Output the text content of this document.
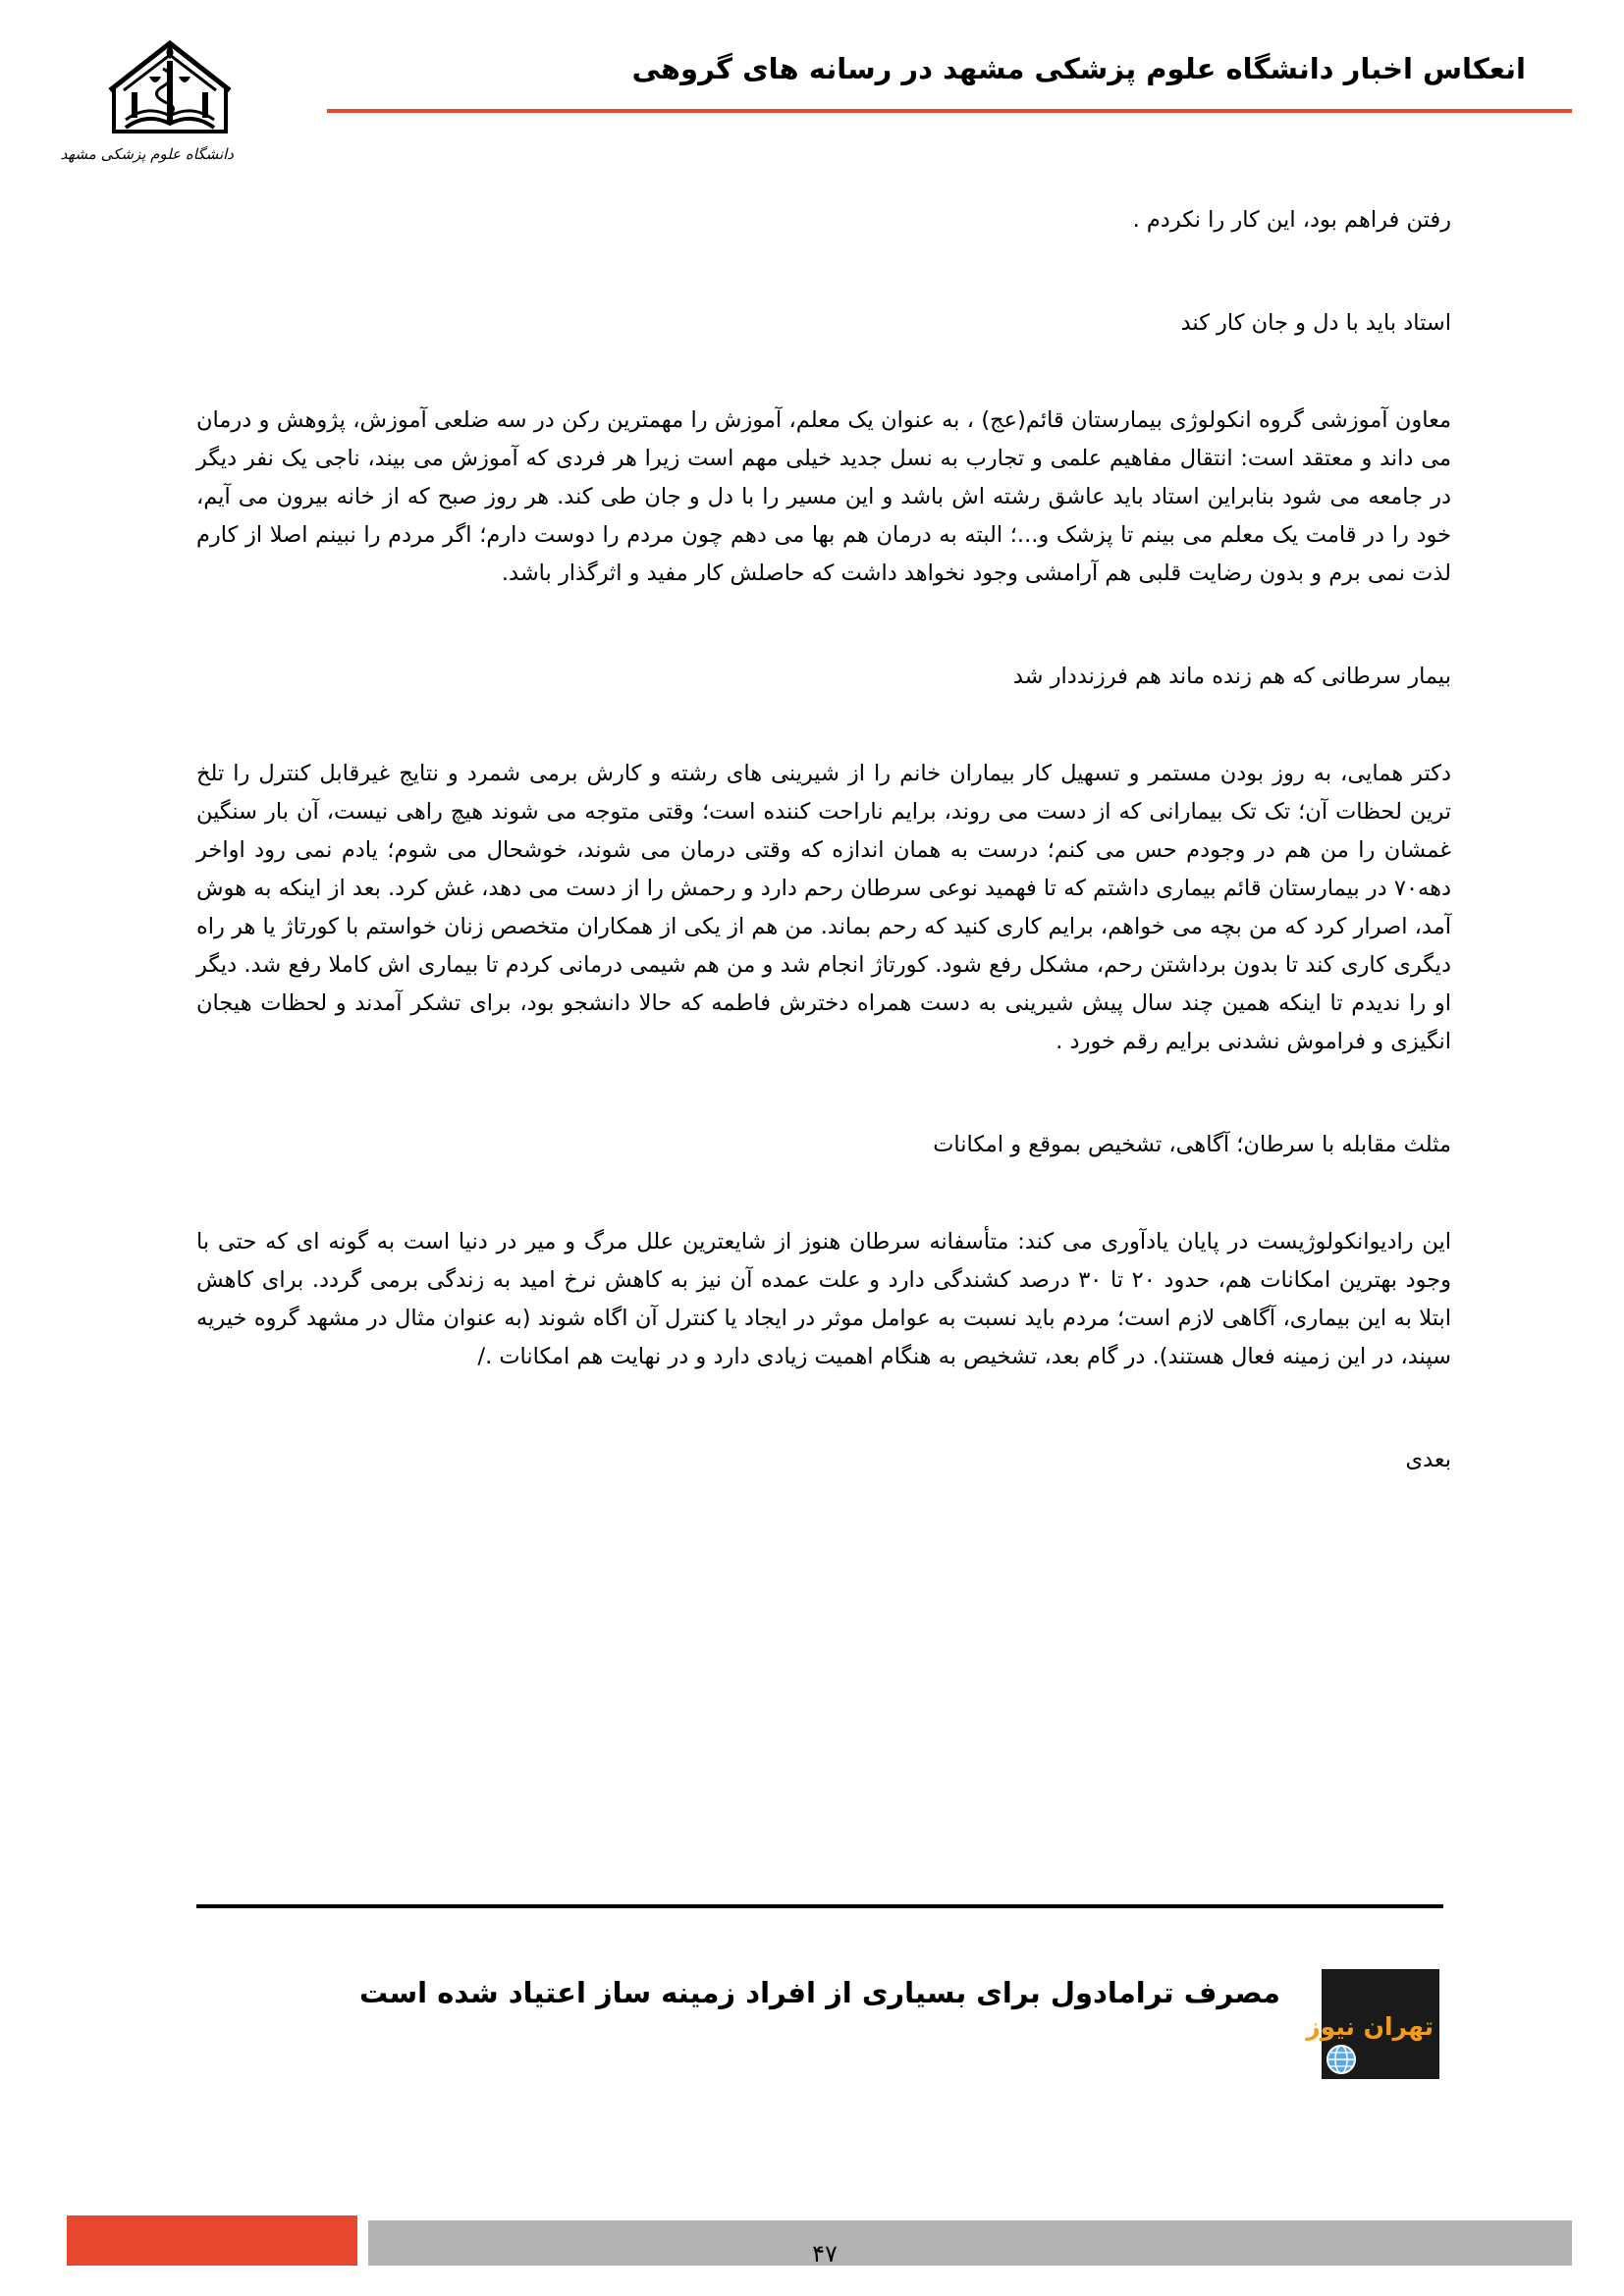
انعکاس اخبار دانشگاه علوم پزشکی مشهد در رسانه های گروهی
دانشگاه علوم پزشکی مشهد

رفتن فراهم بود، این کار را نکردم .

استاد باید با دل و جان کار کند

معاون آموزشی گروه انکولوژی بیمارستان قائم(عج) ، به عنوان یک معلم، آموزش را مهمترین رکن در سه ضلعی آموزش، پژوهش و درمان می داند و معتقد است: انتقال مفاهیم علمی و تجارب به نسل جدید خیلی مهم است زیرا هر فردی که آموزش می بیند، ناجی یک نفر دیگر در جامعه می شود بنابراین استاد باید عاشق رشته اش باشد و این مسیر را با دل و جان طی کند. هر روز صبح که از خانه بیرون می آیم، خود را در قامت یک معلم می بینم تا پزشک و...؛ البته به درمان هم بها می دهم چون مردم را دوست دارم؛ اگر مردم را نبینم اصلا از کارم لذت نمی برم و بدون رضایت قلبی هم آرامشی وجود نخواهد داشت که حاصلش کار مفید و اثرگذار باشد.

بیمار سرطانی که هم زنده ماند هم فرزنددار شد

دکتر همایی، به روز بودن مستمر و تسهیل کار بیماران خانم را از شیرینی های رشته و کارش برمی شمرد و نتایج غیرقابل کنترل را تلخ ترین لحظات آن؛ تک تک بیمارانی که از دست می روند، برایم ناراحت کننده است؛ وقتی متوجه می شوند هیچ راهی نیست، آن بار سنگین غمشان را من هم در وجودم حس می کنم؛ درست به همان اندازه که وقتی درمان می شوند، خوشحال می شوم؛ یادم نمی رود اواخر دهه۷۰ در بیمارستان قائم بیماری داشتم که تا فهمید نوعی سرطان رحم دارد و رحمش را از دست می دهد، غش کرد. بعد از اینکه به هوش آمد، اصرار کرد که من بچه می خواهم، برایم کاری کنید که رحم بماند. من هم از یکی از همکاران متخصص زنان خواستم با کورتاژ یا هر راه دیگری کاری کند تا بدون برداشتن رحم، مشکل رفع شود. کورتاژ انجام شد و من هم شیمی درمانی کردم تا بیماری اش کاملا رفع شد. دیگر او را ندیدم تا اینکه همین چند سال پیش شیرینی به دست همراه دخترش فاطمه که حالا دانشجو بود، برای تشکر آمدند و لحظات هیجان انگیزی و فراموش نشدنی برایم رقم خورد .

مثلث مقابله با سرطان؛ آگاهی، تشخیص بموقع و امکانات

این رادیوانکولوژیست در پایان یادآوری می کند: متأسفانه سرطان هنوز از شایعترین علل مرگ و میر در دنیا است به گونه ای که حتی با وجود بهترین امکانات هم، حدود ۲۰ تا ۳۰ درصد کشندگی دارد و علت عمده آن نیز به کاهش نرخ امید به زندگی برمی گردد. برای کاهش ابتلا به این بیماری، آگاهی لازم است؛ مردم باید نسبت به عوامل موثر در ایجاد یا کنترل آن اگاه شوند (به عنوان مثال در مشهد گروه خیریه سپند، در این زمینه فعال هستند). در گام بعد، تشخیص به هنگام اهمیت زیادی دارد و در نهایت هم امکانات ./

بعدی

تهران نیوز
مصرف ترامادول برای بسیاری از افراد زمینه ساز اعتیاد شده است
۴۷
